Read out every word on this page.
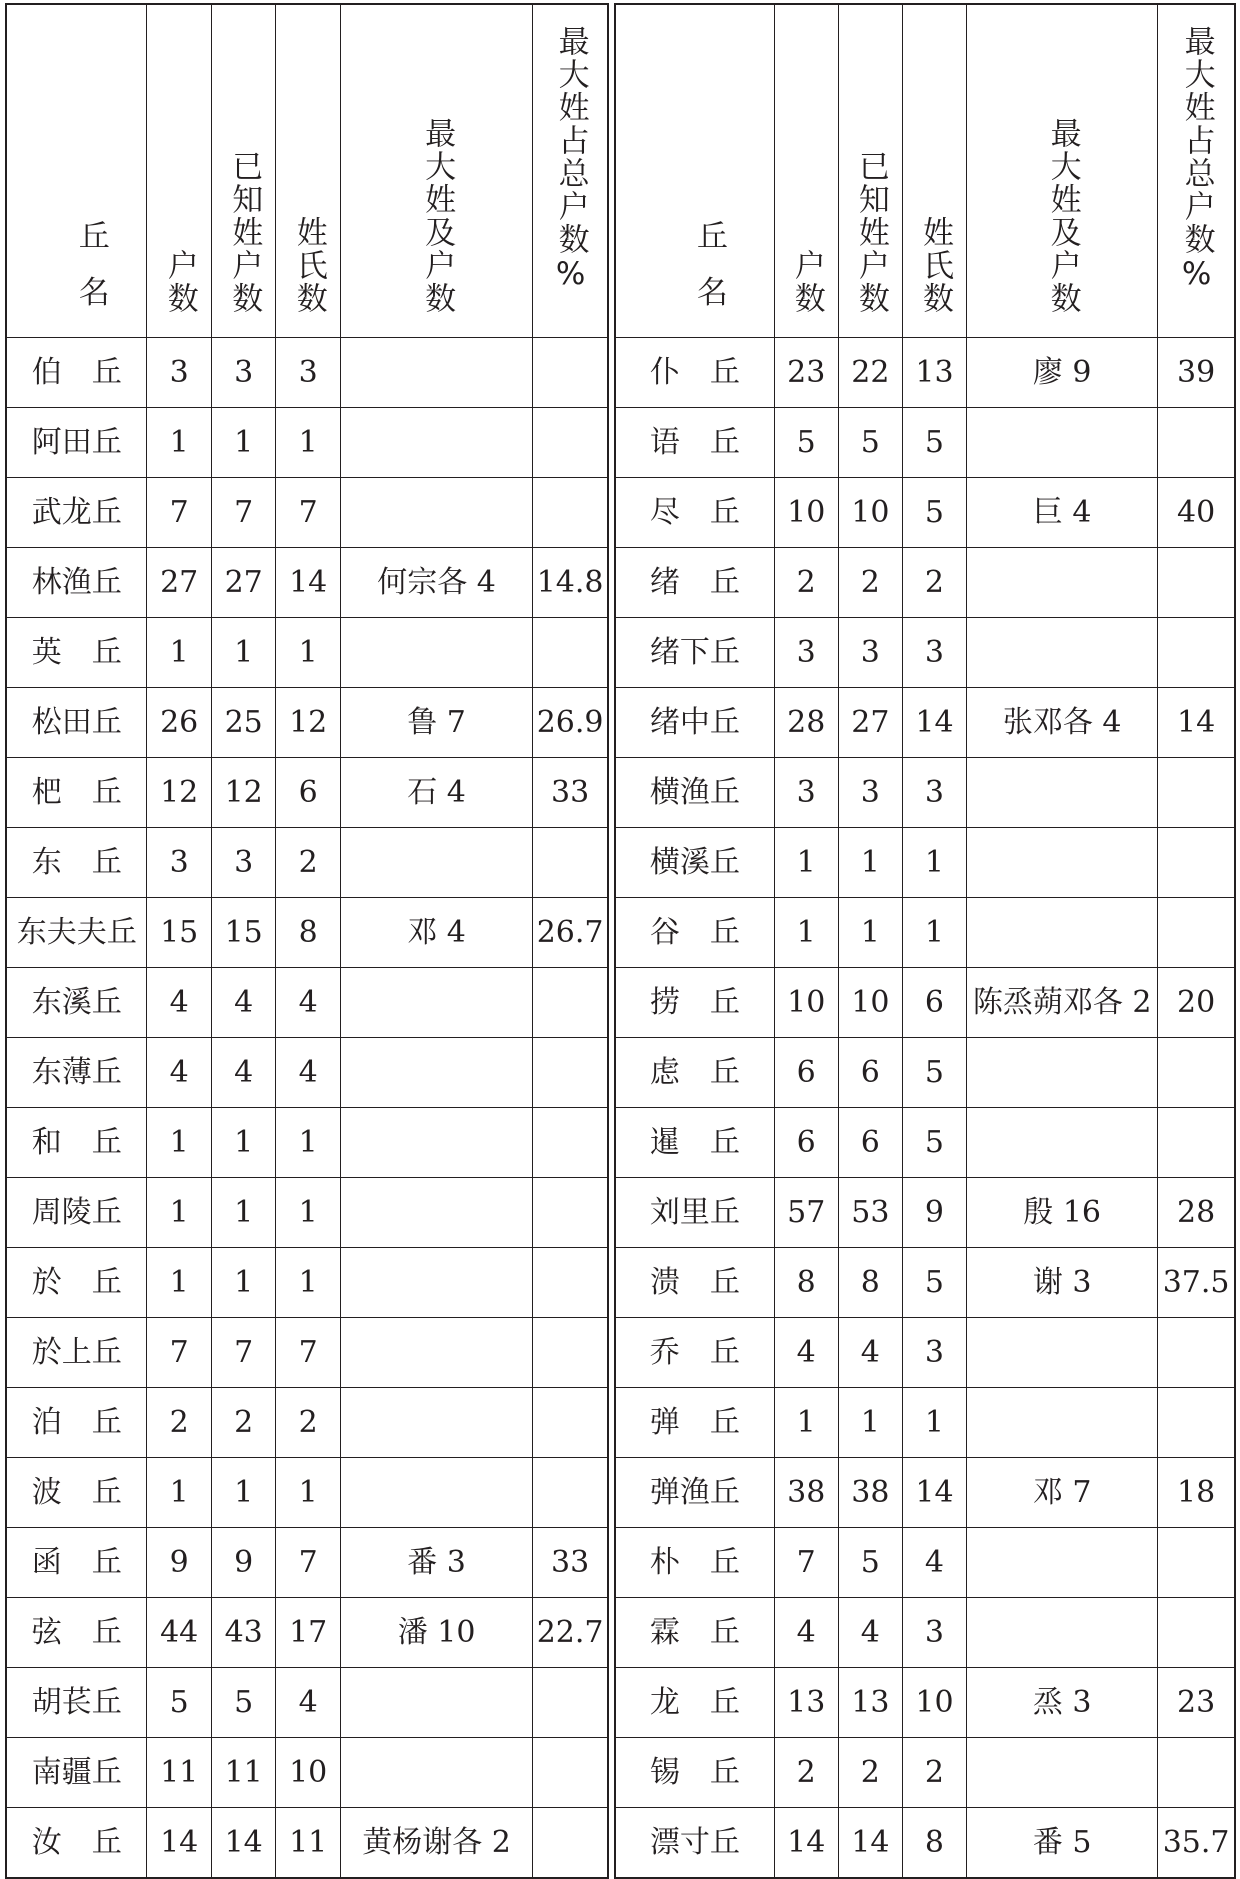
丘名	户数	已知姓户数	姓氏数	最大姓及户数	最大姓占总户数%
伯　丘	3	3	3		
阿田丘	1	1	1		
武龙丘	7	7	7		
林渔丘	27	27	14	何宗各 4	14.8
英　丘	1	1	1		
松田丘	26	25	12	鲁 7	26.9
杷　丘	12	12	6	石 4	33
东　丘	3	3	2		
东夫夫丘	15	15	8	邓 4	26.7
东溪丘	4	4	4		
东薄丘	4	4	4		
和　丘	1	1	1		
周陵丘	1	1	1		
於　丘	1	1	1		
於上丘	7	7	7		
泊　丘	2	2	2		
波　丘	1	1	1		
函　丘	9	9	7	番 3	33
弦　丘	44	43	17	潘 10	22.7
胡苌丘	5	5	4		
南疆丘	11	11	10		
汝　丘	14	14	11	黄杨谢各 2	
丘名	户数	已知姓户数	姓氏数	最大姓及户数	最大姓占总户数%
仆　丘	23	22	13	廖 9	39
语　丘	5	5	5		
尽　丘	10	10	5	巨 4	40
绪　丘	2	2	2		
绪下丘	3	3	3		
绪中丘	28	27	14	张邓各 4	14
横渔丘	3	3	3		
横溪丘	1	1	1		
谷　丘	1	1	1		
捞　丘	10	10	6	陈烝蒴邓各 2	20
虑　丘	6	6	5		
暹　丘	6	6	5		
刘里丘	57	53	9	殷 16	28
溃　丘	8	8	5	谢 3	37.5
乔　丘	4	4	3		
弹　丘	1	1	1		
弹渔丘	38	38	14	邓 7	18
朴　丘	7	5	4		
霖　丘	4	4	3		
龙　丘	13	13	10	烝 3	23
锡　丘	2	2	2		
漂寸丘	14	14	8	番 5	35.7
